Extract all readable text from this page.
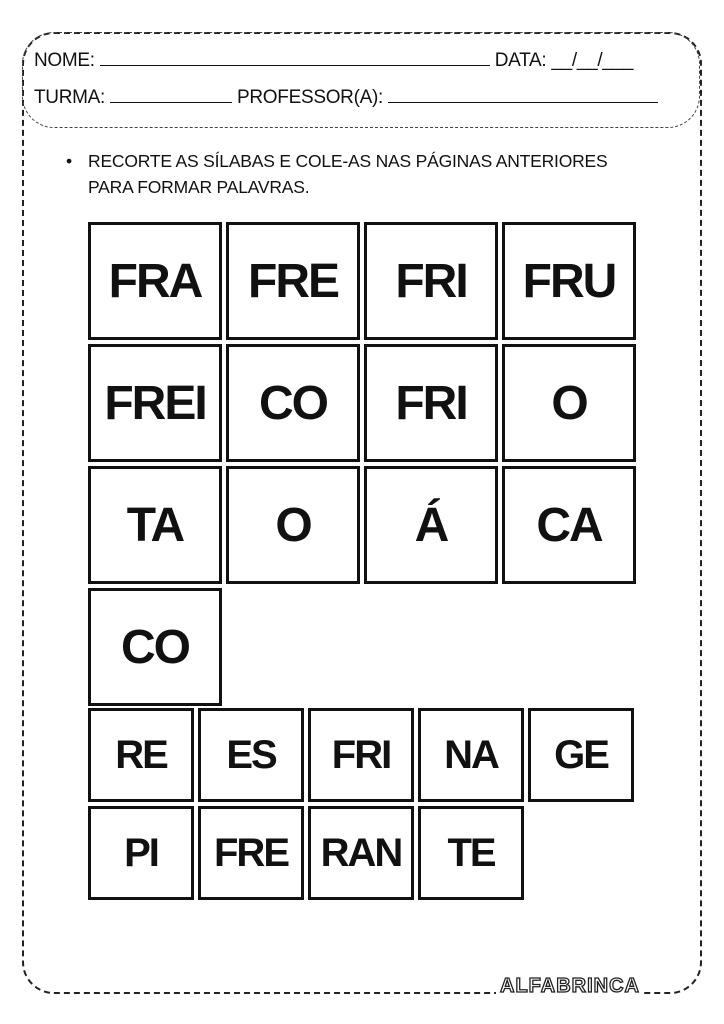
NOME:	DATA: __/__/___
TURMA:	PROFESSOR(A):
• RECORTE AS SÍLABAS E COLE-AS NAS PÁGINAS ANTERIORES PARA FORMAR PALAVRAS.
FRA FRE	FRI	FRU
FREI	CO	FRI	O
TA	O	Á	CA
CO
RE	ES	FRI	NA	GE
PI	FRE RAN	TE
ALFABRINCA
